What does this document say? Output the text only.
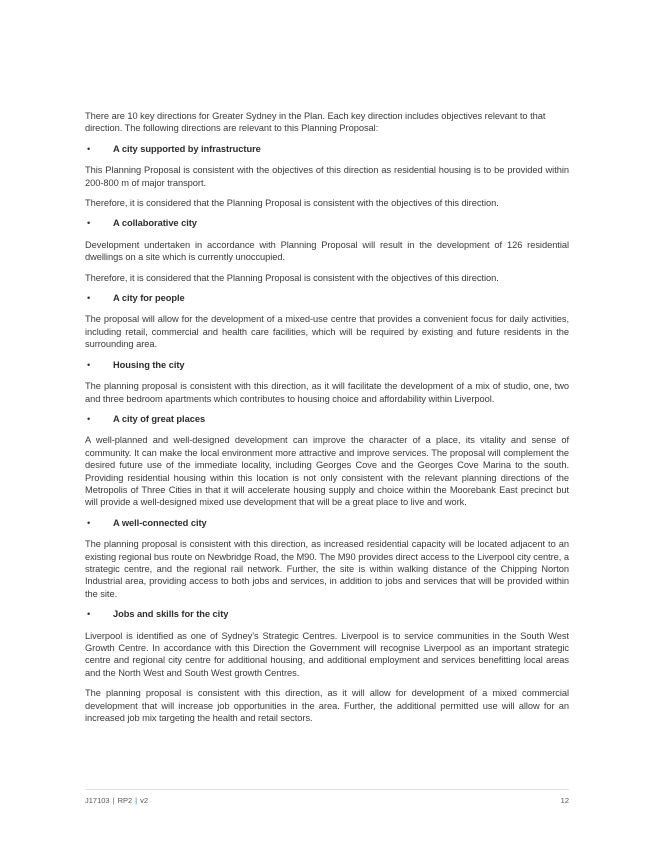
There are 10 key directions for Greater Sydney in the Plan. Each key direction includes objectives relevant to that direction. The following directions are relevant to this Planning Proposal:

•	A city supported by infrastructure

This Planning Proposal is consistent with the objectives of this direction as residential housing is to be provided within 200-800 m of major transport.

Therefore, it is considered that the Planning Proposal is consistent with the objectives of this direction.

•	A collaborative city

Development undertaken in accordance with Planning Proposal will result in the development of 126 residential dwellings on a site which is currently unoccupied.

Therefore, it is considered that the Planning Proposal is consistent with the objectives of this direction.

•	A city for people

The proposal will allow for the development of a mixed-use centre that provides a convenient focus for daily activities, including retail, commercial and health care facilities, which will be required by existing and future residents in the surrounding area.

•	Housing the city

The planning proposal is consistent with this direction, as it will facilitate the development of a mix of studio, one, two and three bedroom apartments which contributes to housing choice and affordability within Liverpool.

•	A city of great places

A well-planned and well-designed development can improve the character of a place, its vitality and sense of community. It can make the local environment more attractive and improve services. The proposal will complement the desired future use of the immediate locality, including Georges Cove and the Georges Cove Marina to the south. Providing residential housing within this location is not only consistent with the relevant planning directions of the Metropolis of Three Cities in that it will accelerate housing supply and choice within the Moorebank East precinct but will provide a well-designed mixed use development that will be a great place to live and work.

•	A well-connected city

The planning proposal is consistent with this direction, as increased residential capacity will be located adjacent to an existing regional bus route on Newbridge Road, the M90. The M90 provides direct access to the Liverpool city centre, a strategic centre, and the regional rail network. Further, the site is within walking distance of the Chipping Norton Industrial area, providing access to both jobs and services, in addition to jobs and services that will be provided within the site.

•	Jobs and skills for the city

Liverpool is identified as one of Sydney’s Strategic Centres. Liverpool is to service communities in the South West Growth Centre. In accordance with this Direction the Government will recognise Liverpool as an important strategic centre and regional city centre for additional housing, and additional employment and services benefitting local areas and the North West and South West growth Centres.

The planning proposal is consistent with this direction, as it will allow for development of a mixed commercial development that will increase job opportunities in the area. Further, the additional permitted use will allow for an increased job mix targeting the health and retail sectors.

J17103 | RP2 | v2	12
